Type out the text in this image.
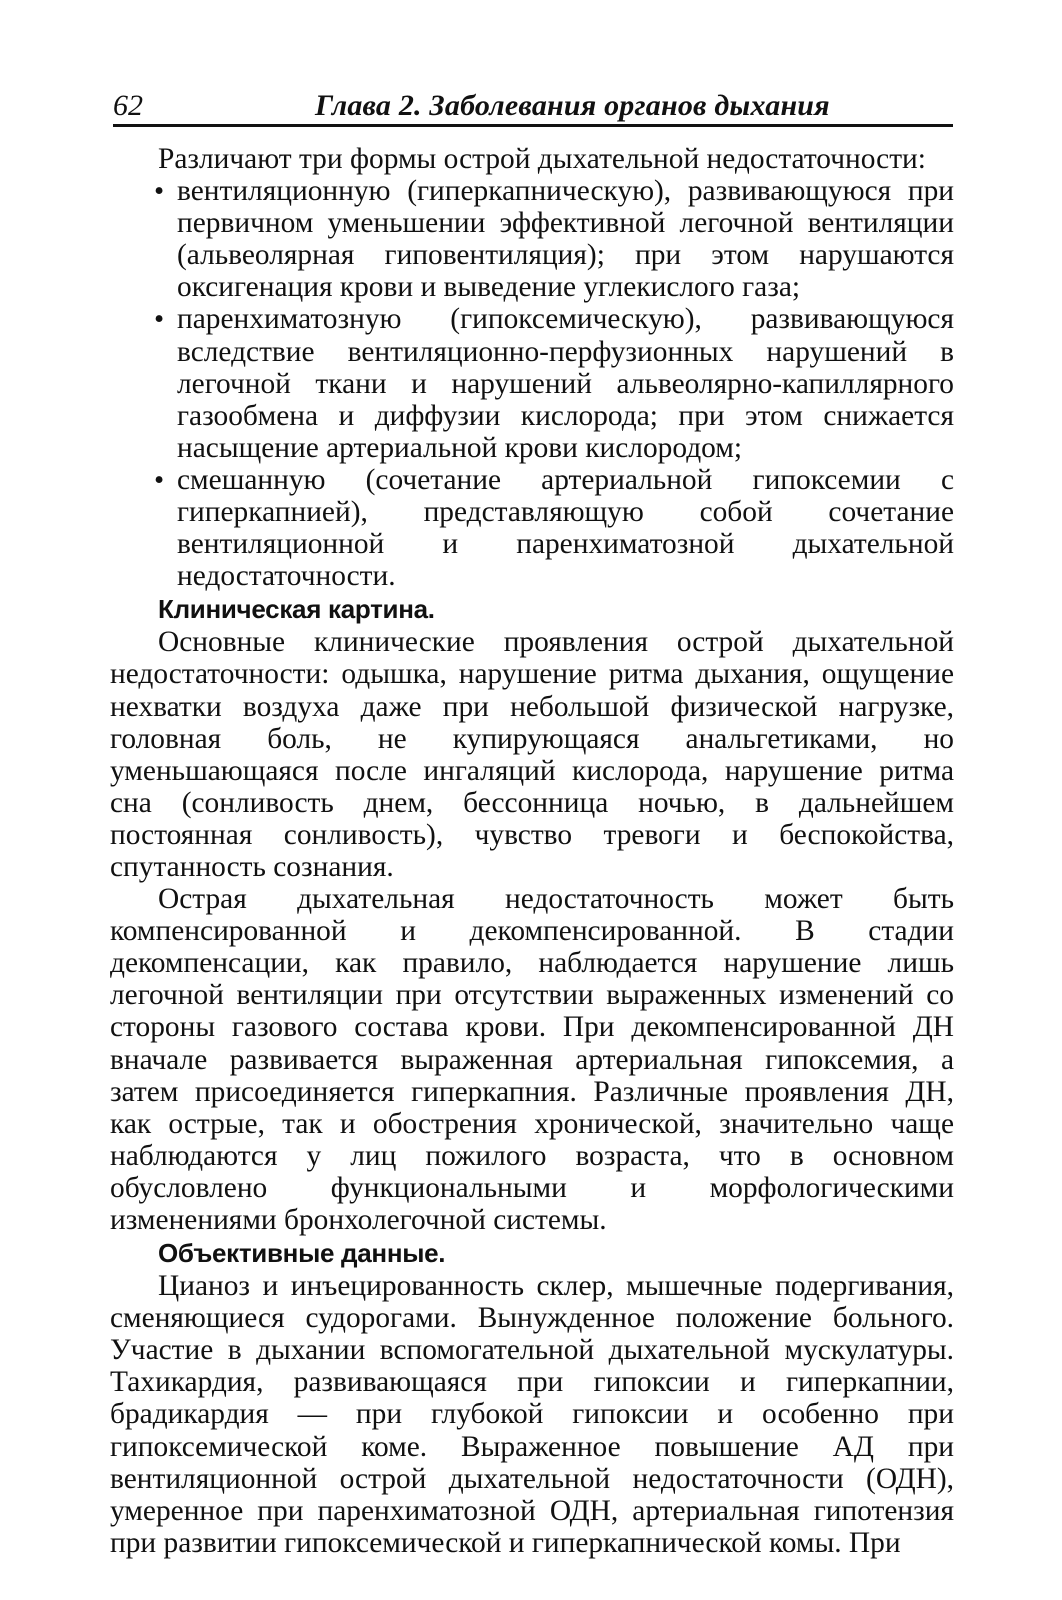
62	Глава 2. Заболевания органов дыхания

Различают три формы острой дыхательной недостаточности:

• вентиляционную (гиперкапническую), развивающуюся при первичном уменьшении эффективной легочной вентиляции (альвеолярная гиповентиляция); при этом нарушаются оксигенация крови и выведение углекислого газа;
• паренхиматозную (гипоксемическую), развивающуюся вследствие вентиляционно-перфузионных нарушений в легочной ткани и нарушений альвеолярно-капиллярного газообмена и диффузии кислорода; при этом снижается насыщение артериальной крови кислородом;
• смешанную (сочетание артериальной гипоксемии с гиперкапнией), представляющую собой сочетание вентиляционной и паренхиматозной дыхательной недостаточности.
Клиническая картина.

Основные клинические проявления острой дыхательной недостаточности: одышка, нарушение ритма дыхания, ощущение нехватки воздуха даже при небольшой физической нагрузке, головная боль, не купирующаяся анальгетиками, но уменьшающаяся после ингаляций кислорода, нарушение ритма сна (сонливость днем, бессонница ночью, в дальнейшем постоянная сонливость), чувство тревоги и беспокойства, спутанность сознания.

Острая дыхательная недостаточность может быть компенсированной и декомпенсированной. В стадии декомпенсации, как правило, наблюдается нарушение лишь легочной вентиляции при отсутствии выраженных изменений со стороны газового состава крови. При декомпенсированной ДН вначале развивается выраженная артериальная гипоксемия, а затем присоединяется гиперкапния. Различные проявления ДН, как острые, так и обострения хронической, значительно чаще наблюдаются у лиц пожилого возраста, что в основном обусловлено функциональными и морфологическими изменениями бронхолегочной системы.

Объективные данные.

Цианоз и инъецированность склер, мышечные подергивания, сменяющиеся судорогами. Вынужденное положение больного. Участие в дыхании вспомогательной дыхательной мускулатуры. Тахикардия, развивающаяся при гипоксии и гиперкапнии, брадикардия — при глубокой гипоксии и особенно при гипоксемической коме. Выраженное повышение АД при вентиляционной острой дыхательной недостаточности (ОДН), умеренное при паренхиматозной ОДН, артериальная гипотензия при развитии гипоксемической и гиперкапнической комы. При
